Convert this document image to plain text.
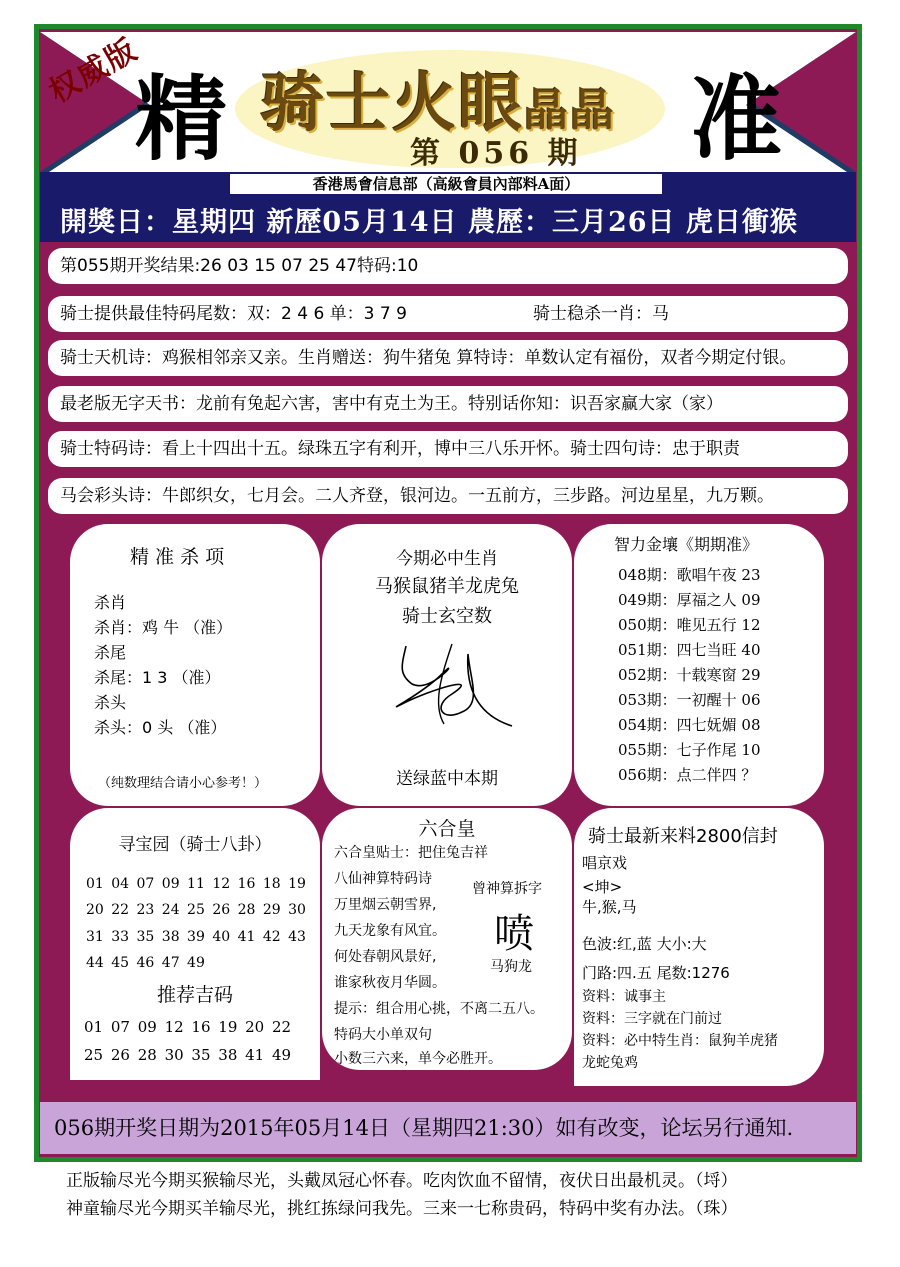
权威版
精	准
骑士火眼晶晶
第 056 期
香港馬會信息部（高級會員內部料A面）
開獎日：星期四 新歷05月14日 農歷：三月26日 虎日衝猴
第055期开奖结果:26 03 15 07 25 47特码:10
骑士提供最佳特码尾数：双：2 4 6 单：3 7 9	骑士稳杀一肖：马
骑士天机诗：鸡猴相邻亲又亲。生肖赠送：狗牛猪兔 算特诗：单数认定有福份，双者今期定付银。
最老版无字天书：龙前有兔起六害，害中有克土为王。特别话你知：识吾家赢大家（家）
骑士特码诗：看上十四出十五。绿珠五字有利开，博中三八乐开怀。骑士四句诗：忠于职责
马会彩头诗：牛郎织女，七月会。二人齐登，银河边。一五前方，三步路。河边星星，九万颗。
精 准 杀 项
杀肖
杀肖：鸡 牛 （准）
杀尾
杀尾：1 3 （准）
杀头
杀头：0 头 （准）
（纯数理结合请小心参考！）
今期必中生肖
马猴鼠猪羊龙虎兔
骑士玄空数
送绿蓝中本期
智力金壤《期期准》
048期：歌唱午夜 23
049期：厚福之人 09
050期：唯见五行 12
051期：四七当旺 40
052期：十载寒窗 29
053期：一初醒十 06
054期：四七妩媚 08
055期：七子作尾 10
056期：点二伴四 ？
寻宝园（骑士八卦）
01 04 07 09 11 12 16 18 19
20 22 23 24 25 26 28 29 30
31 33 35 38 39 40 41 42 43
44 45 46 47 49
推荐吉码
01 07 09 12 16 19 20 22
25 26 28 30 35 38 41 49
六合皇
六合皇贴士：把住兔吉祥
八仙神算特码诗
万里烟云朝雪界,
九天龙象有风宜。
何处春朝风景好,
谁家秋夜月华圆。
提示：组合用心挑，不离二五八。
特码大小单双句
小数三六来，单今必胜开。
曾神算拆字
喷
马狗龙
骑士最新来料2800信封
唱京戏
<坤>
牛,猴,马
色波:红,蓝 大小:大
门路:四.五 尾数:1276
资料：诚事主
资料：三字就在门前过
资料：必中特生肖：鼠狗羊虎猪
龙蛇兔鸡
056期开奖日期为2015年05月14日（星期四21:30）如有改变，论坛另行通知.
正版输尽光今期买猴输尽光，头戴凤冠心怀春。吃肉饮血不留情，夜伏日出最机灵。（埒）
神童输尽光今期买羊输尽光，挑红拣绿问我先。三来一七称贵码，特码中奖有办法。（珠）
